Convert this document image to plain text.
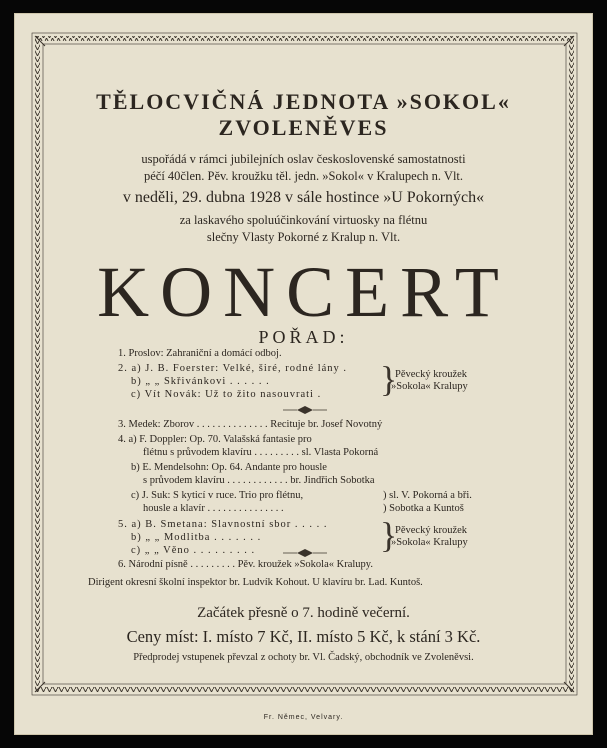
TĚLOCVIČNÁ JEDNOTA »SOKOL«
ZVOLENĚVES
uspořádá v rámci jubilejních oslav československé samostatnosti
péčí 40člen. Pěv. kroužku těl. jedn. »Sokol« v Kralupech n. Vlt.
v neděli, 29. dubna 1928 v sále hostince »U Pokorných«
za laskavého spoluúčinkování virtuosky na flétnu
slečny Vlasty Pokorné z Kralup n. Vlt.
KONCERT
POŘAD:
1. Proslov: Zahraniční a domácí odboj.
2. a) J. B. Foerster: Velké, širé, rodné lány .
b) „ „ Skřivánkovi . . . . . .
c) Vít Novák: Už to žito nasouvrati . }
Pěvecký kroužek
»Sokola« Kralupy
3. Medek: Zborov . . . . . . . . . . . . . . Recituje br. Josef Novotný
4. a) F. Doppler: Op. 70. Valašská fantasie pro
flétnu s průvodem klavíru . . . . . . . . . sl. Vlasta Pokorná
b) E. Mendelsohn: Op. 64. Andante pro housle
s průvodem klavíru . . . . . . . . . . . . br. Jindřich Sobotka
c) J. Suk: S kyticí v ruce. Trio pro flétnu,
housle a klavír . . . . . . . . . . . . . . .
) sl. V. Pokorná a bři.
) Sobotka a Kuntoš
5. a) B. Smetana: Slavnostní sbor . . . . .
b) „ „ Modlitba . . . . . . .
c) „ „ Věno . . . . . . . . .	}
Pěvecký kroužek
»Sokola« Kralupy
6. Národní písně . . . . . . . . . Pěv. kroužek »Sokola« Kralupy.
Dirigent okresní školní inspektor br. Ludvík Kohout. U klavíru br. Lad. Kuntoš.
Začátek přesně o 7. hodině večerní.
Ceny míst: I. místo 7 Kč, II. místo 5 Kč, k stání 3 Kč.
Předprodej vstupenek převzal z ochoty br. Vl. Čadský, obchodník ve Zvoleněvsi.
Fr. Němec, Velvary.
